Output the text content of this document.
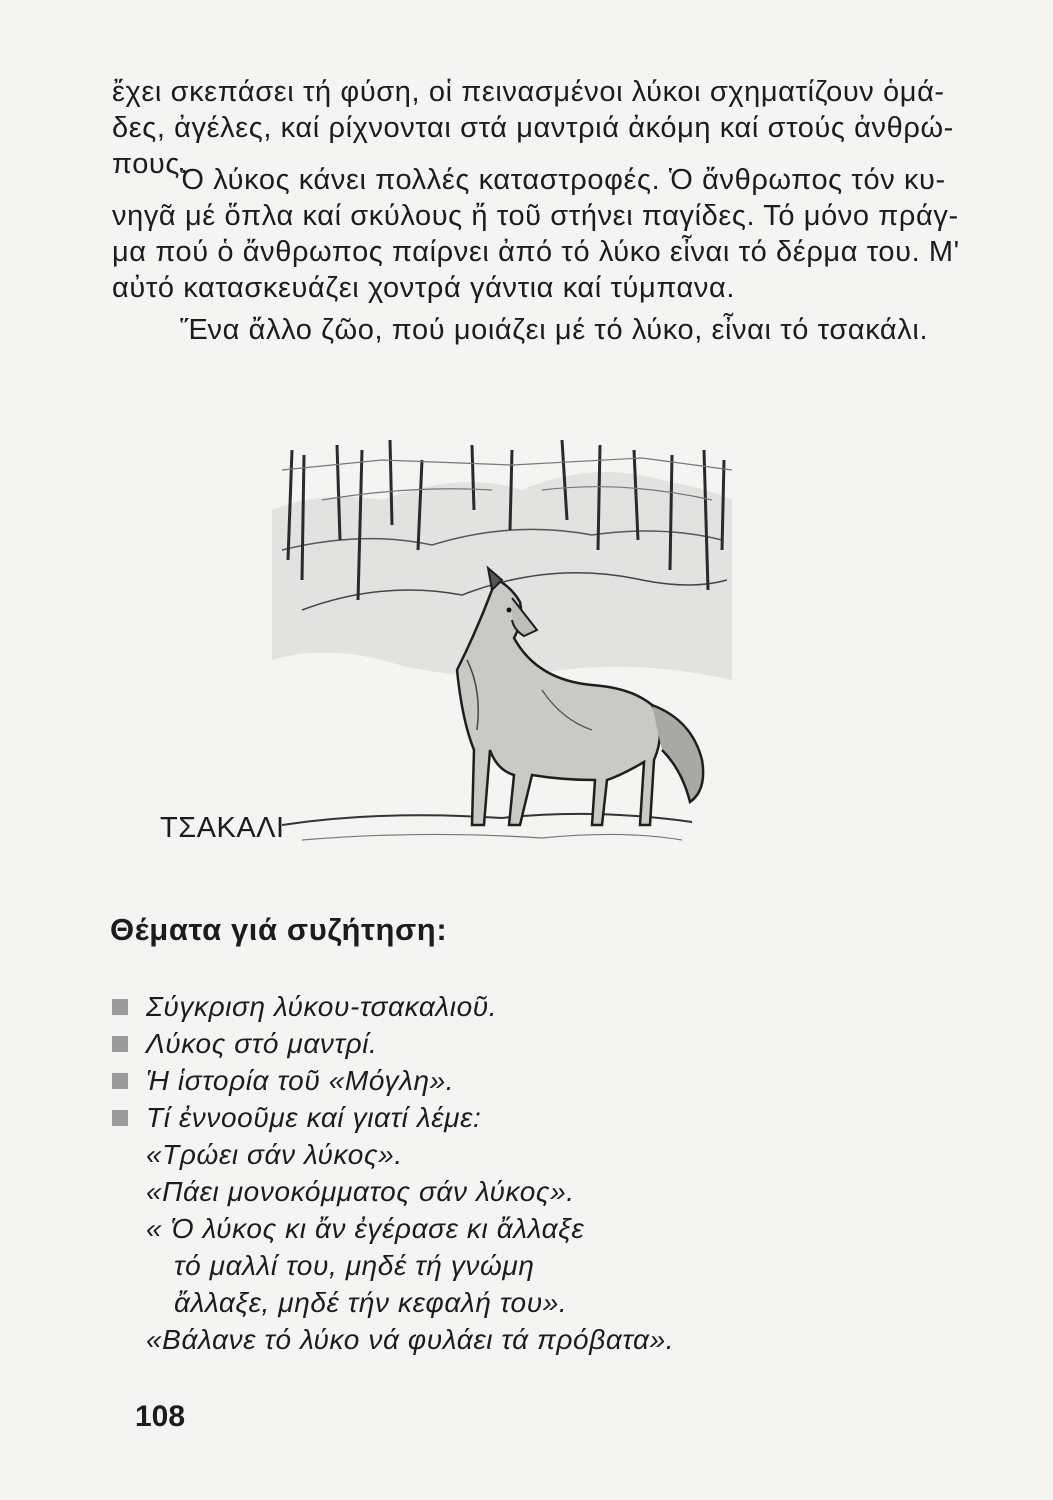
ἔχει σκεπάσει τή φύση, οἱ πεινασμένοι λύκοι σχηματίζουν ὁμά-
δες, ἀγέλες, καί ρίχνονται στά μαντριά ἀκόμη καί στούς ἀνθρώ-
πους.

Ὁ λύκος κάνει πολλές καταστροφές. Ὁ ἄνθρωπος τόν κυ-
νηγᾶ μέ ὅπλα καί σκύλους ἤ τοῦ στήνει παγίδες. Τό μόνο πράγ-
μα πού ὁ ἄνθρωπος παίρνει ἀπό τό λύκο εἶναι τό δέρμα του. Μ'
αὐτό κατασκευάζει χοντρά γάντια καί τύμπανα.

Ἕνα ἄλλο ζῶο, πού μοιάζει μέ τό λύκο, εἶναι τό τσακάλι.

ΤΣΑΚΑΛΙ
Θέματα γιά συζήτηση:
Σύγκριση λύκου-τσακαλιοῦ.
Λύκος στό μαντρί.
Ἡ ἱστορία τοῦ «Μόγλη».
Τί ἐννοοῦμε καί γιατί λέμε:
«Τρώει σάν λύκος».
«Πάει μονοκόμματος σάν λύκος».
« Ὁ λύκος κι ἄν ἐγέρασε κι ἄλλαξε
τό μαλλί του, μηδέ τή γνώμη
ἄλλαξε, μηδέ τήν κεφαλή του».
«Βάλανε τό λύκο νά φυλάει τά πρόβατα».
108
